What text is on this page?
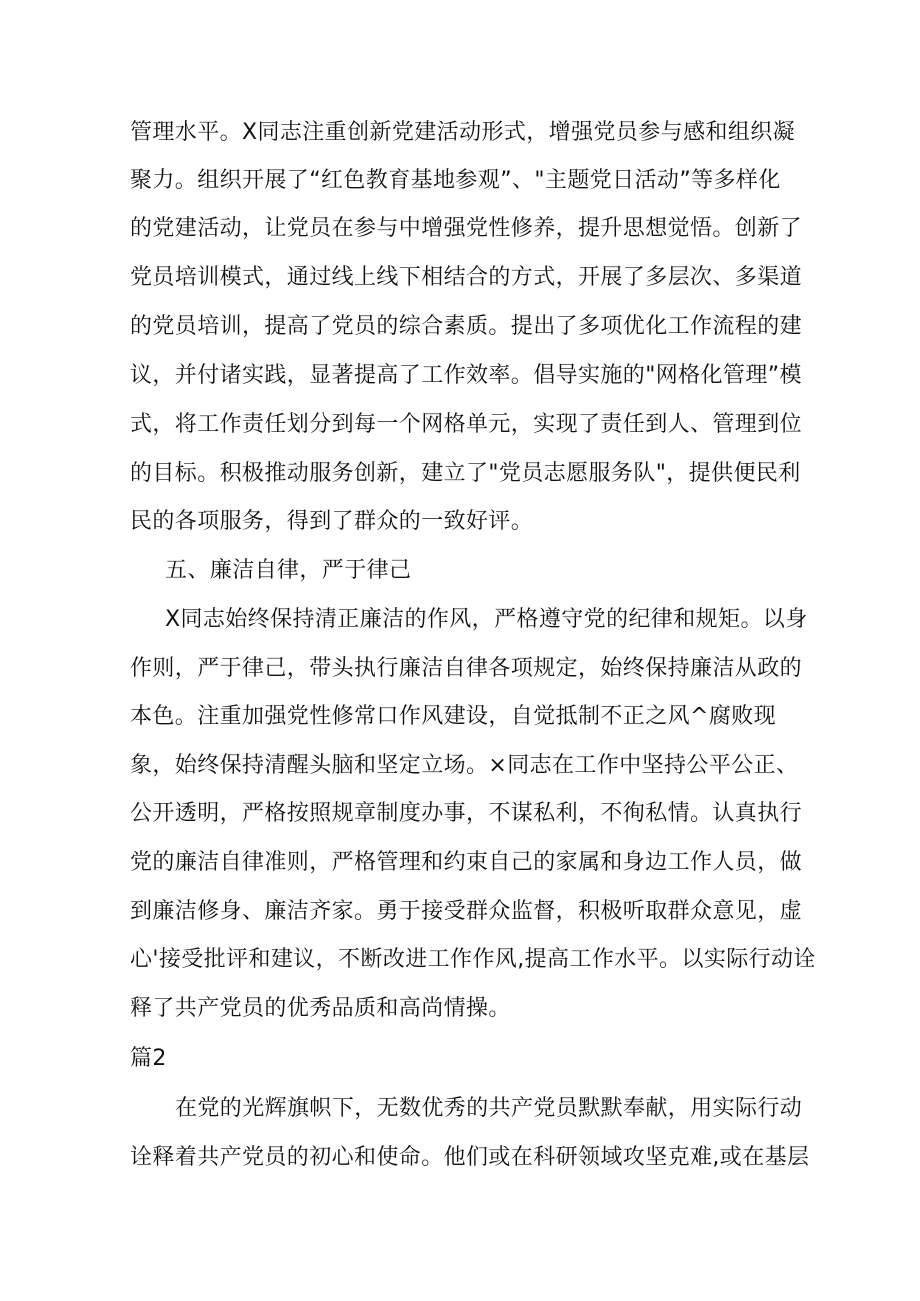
管理水平。X同志注重创新党建活动形式，增强党员参与感和组织凝
聚力。组织开展了“红色教育基地参观”、"主题党日活动”等多样化
的党建活动，让党员在参与中增强党性修养，提升思想觉悟。创新了
党员培训模式，通过线上线下相结合的方式，开展了多层次、多渠道
的党员培训，提高了党员的综合素质。提出了多项优化工作流程的建
议，并付诸实践，显著提高了工作效率。倡导实施的"网格化管理”模
式，将工作责任划分到每一个网格单元，实现了责任到人、管理到位
的目标。积极推动服务创新，建立了"党员志愿服务队"，提供便民利
民的各项服务，得到了群众的一致好评。
五、廉洁自律，严于律己
X同志始终保持清正廉洁的作风，严格遵守党的纪律和规矩。以身
作则，严于律己，带头执行廉洁自律各项规定，始终保持廉洁从政的
本色。注重加强党性修常口作风建设，自觉抵制不正之风^腐败现
象，始终保持清醒头脑和坚定立场。×同志在工作中坚持公平公正、
公开透明，严格按照规章制度办事，不谋私利，不徇私情。认真执行
党的廉洁自律准则，严格管理和约束自己的家属和身边工作人员，做
到廉洁修身、廉洁齐家。勇于接受群众监督，积极听取群众意见，虚
心'接受批评和建议，不断改进工作作风,提高工作水平。以实际行动诠
释了共产党员的优秀品质和高尚情操。
篇2
在党的光辉旗帜下，无数优秀的共产党员默默奉献，用实际行动
诠释着共产党员的初心和使命。他们或在科研领域攻坚克难,或在基层
